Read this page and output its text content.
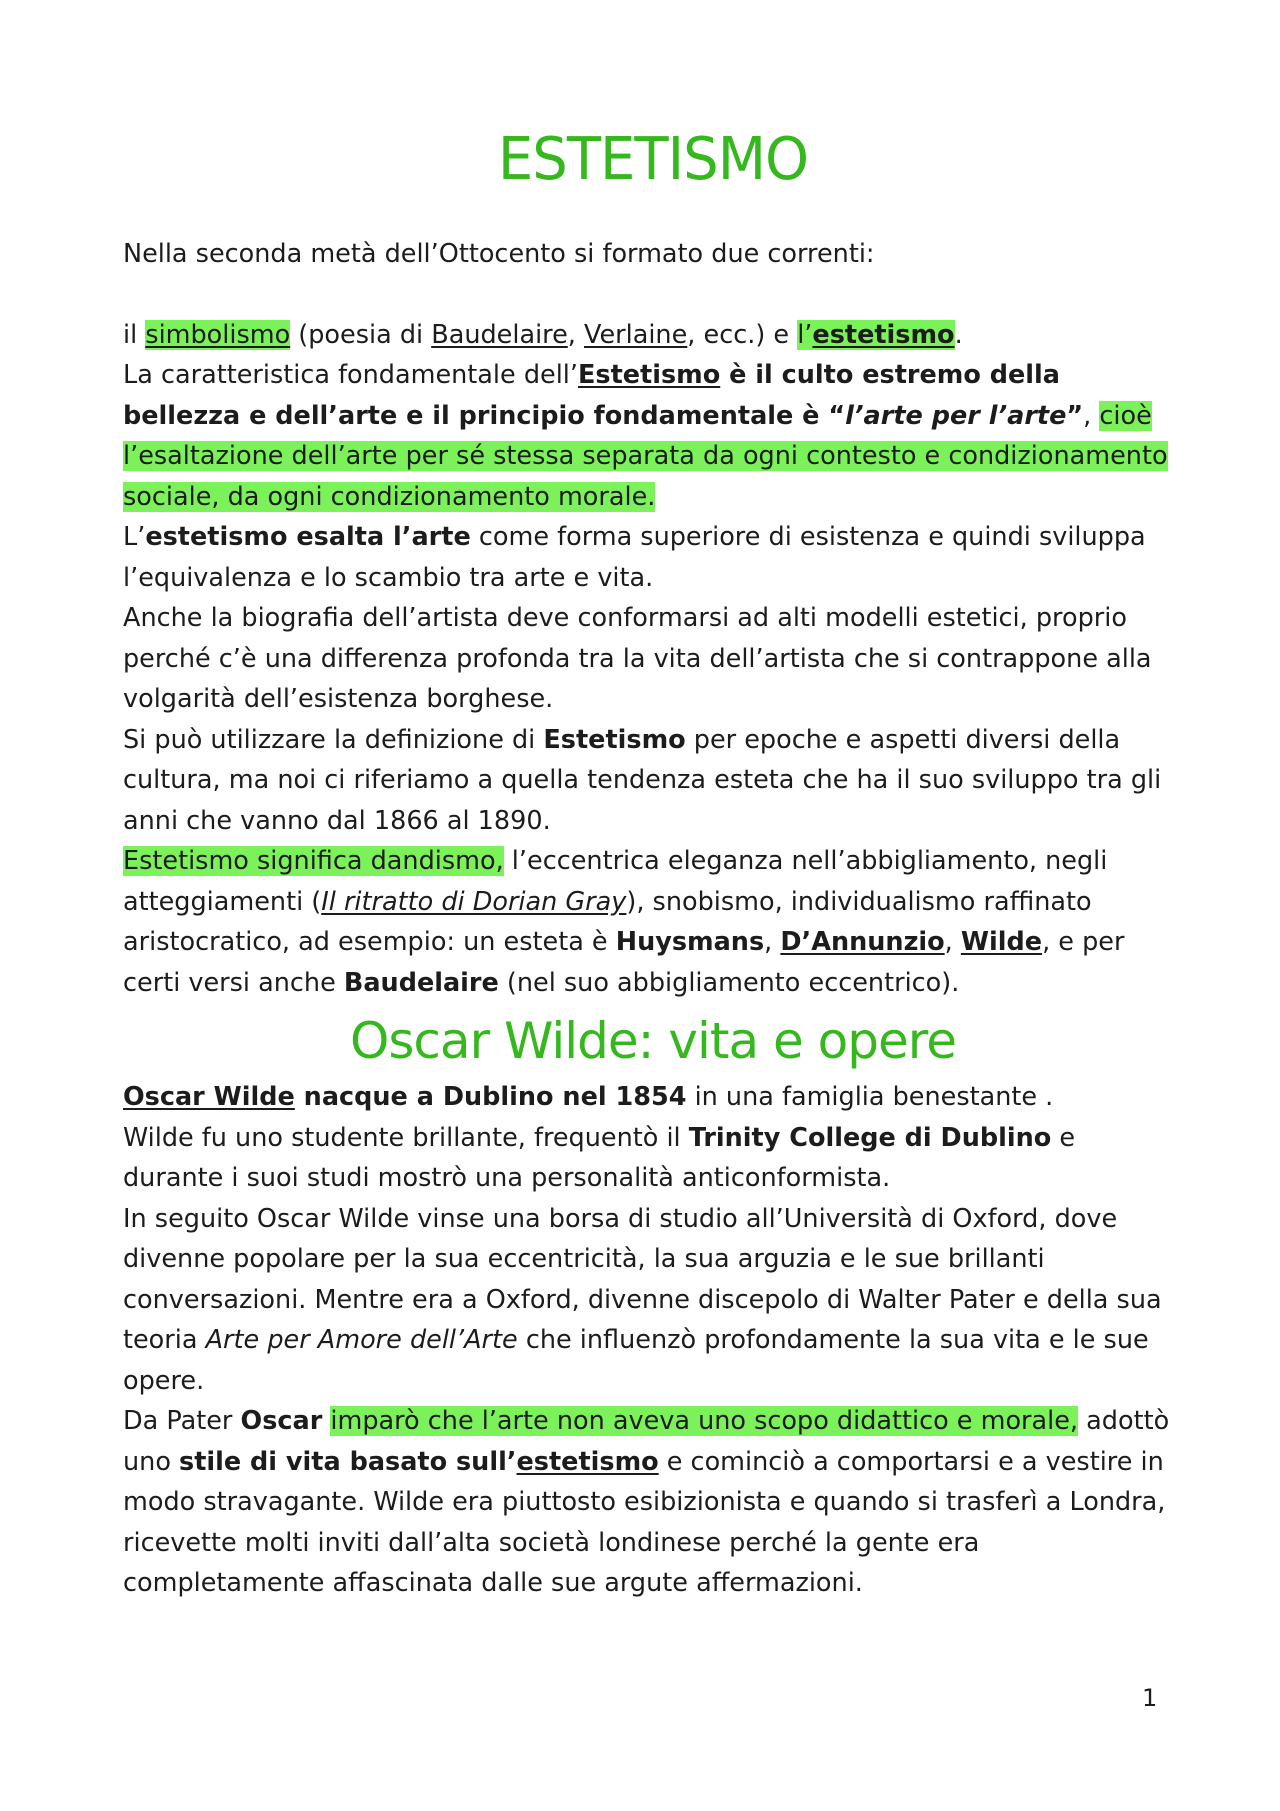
ESTETISMO

Nella seconda metà dell’Ottocento si formato due correnti:

il simbolismo (poesia di Baudelaire, Verlaine, ecc.) e l’estetismo.

La caratteristica fondamentale dell’Estetismo è il culto estremo della bellezza e dell’arte e il principio fondamentale è “l’arte per l’arte”, cioè l’esaltazione dell’arte per sé stessa separata da ogni contesto e condizionamento sociale, da ogni condizionamento morale.

L’estetismo esalta l’arte come forma superiore di esistenza e quindi sviluppa l’equivalenza e lo scambio tra arte e vita.

Anche la biografia dell’artista deve conformarsi ad alti modelli estetici, proprio perché c’è una differenza profonda tra la vita dell’artista che si contrappone alla volgarità dell’esistenza borghese.

Si può utilizzare la definizione di Estetismo per epoche e aspetti diversi della cultura, ma noi ci riferiamo a quella tendenza esteta che ha il suo sviluppo tra gli anni che vanno dal 1866 al 1890.

Estetismo significa dandismo, l’eccentrica eleganza nell’abbigliamento, negli atteggiamenti (Il ritratto di Dorian Gray), snobismo, individualismo raffinato aristocratico, ad esempio: un esteta è Huysmans, D’Annunzio, Wilde, e per certi versi anche Baudelaire (nel suo abbigliamento eccentrico).

Oscar Wilde: vita e opere

Oscar Wilde nacque a Dublino nel 1854 in una famiglia benestante .

Wilde fu uno studente brillante, frequentò il Trinity College di Dublino e durante i suoi studi mostrò una personalità anticonformista.

In seguito Oscar Wilde vinse una borsa di studio all’Università di Oxford, dove divenne popolare per la sua eccentricità, la sua arguzia e le sue brillanti conversazioni. Mentre era a Oxford, divenne discepolo di Walter Pater e della sua teoria Arte per Amore dell’Arte che influenzò profondamente la sua vita e le sue opere.

Da Pater Oscar imparò che l’arte non aveva uno scopo didattico e morale, adottò uno stile di vita basato sull’estetismo e cominciò a comportarsi e a vestire in modo stravagante. Wilde era piuttosto esibizionista e quando si trasferì a Londra, ricevette molti inviti dall’alta società londinese perché la gente era completamente affascinata dalle sue argute affermazioni.

1
